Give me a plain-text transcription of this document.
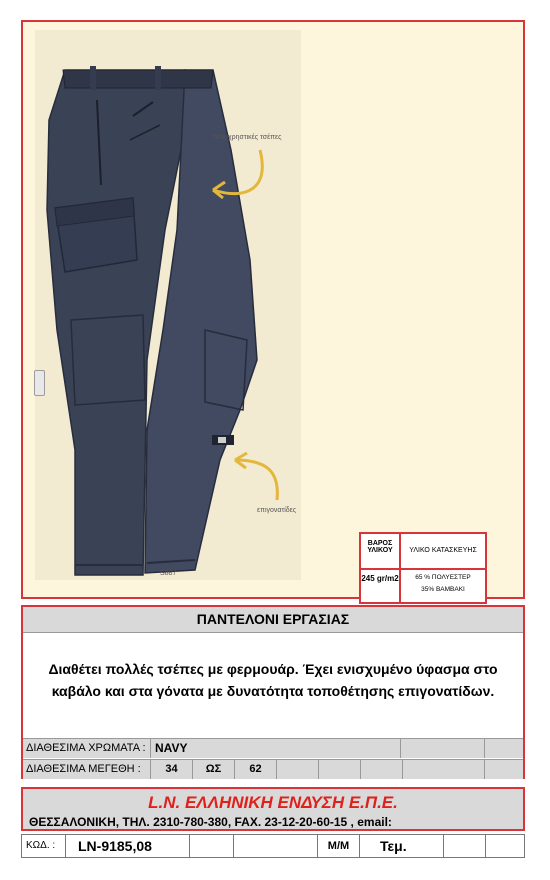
Πολυχρηστικές τσέπες
επιγονατίδες
S887
ΒΑΡΟΣ ΥΛΙΚΟΥ	ΥΛΙΚΟ ΚΑΤΑΣΚΕΥΗΣ
245 gr/m2	65 % ΠΟΛΥΕΣΤΕΡ
35% ΒΑΜΒΑΚΙ
ΠΑΝΤΕΛΟΝΙ ΕΡΓΑΣΙΑΣ
Διαθέτει πολλές τσέπες με φερμουάρ. Έχει ενισχυμένο ύφασμα στο καβάλο και στα γόνατα με δυνατότητα τοποθέτησης επιγονατίδων.
ΔΙΑΘΕΣΙΜΑ ΧΡΩΜΑΤΑ : NAVY
ΔΙΑΘΕΣΙΜΑ ΜΕΓΕΘΗ :	34	ΩΣ	62
L.N. ΕΛΛΗΝΙΚΗ ΕΝΔΥΣΗ Ε.Π.Ε.
ΘΕΣΣΑΛΟΝΙΚΗ, ΤΗΛ. 2310-780-380, FAX. 23-12-20-60-15 , email:
ΚΩΔ. :	LN-9185,08	Μ/Μ	Τεμ.
